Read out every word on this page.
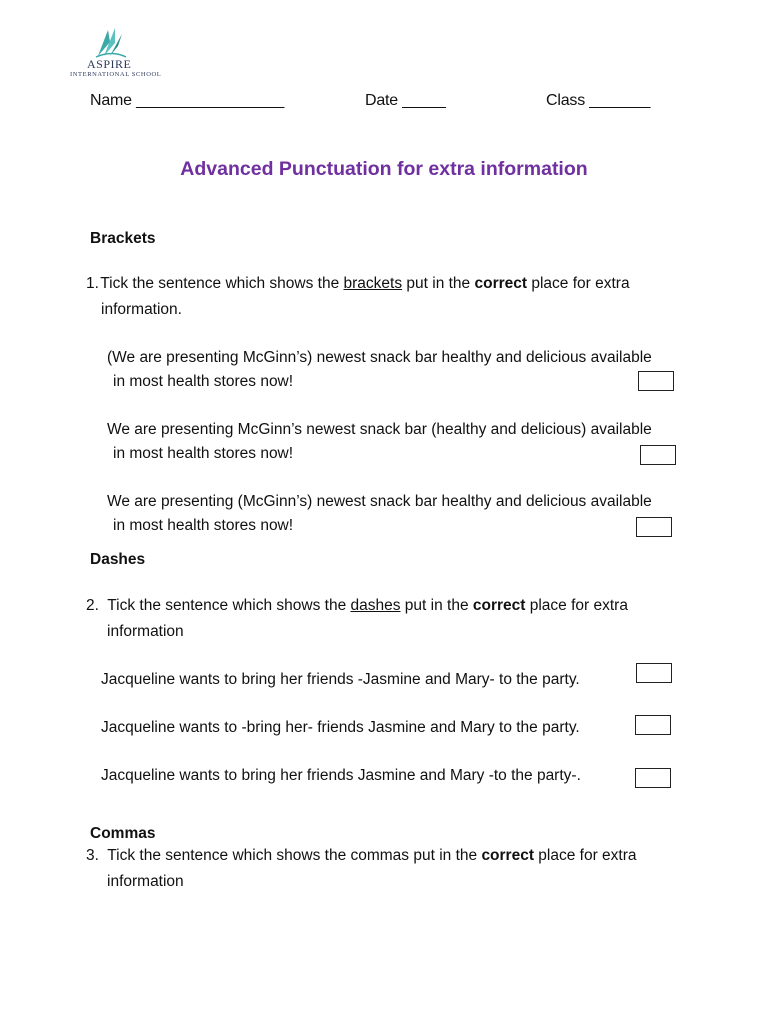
ASPIRE
INTERNATIONAL SCHOOL
Name _________________	Date _____	Class _______
Advanced Punctuation for extra information
Brackets
1. Tick the sentence which shows the brackets put in the correct place for extra
information.
(We are presenting McGinn’s) newest snack bar healthy and delicious available
in most health stores now!
We are presenting McGinn’s newest snack bar (healthy and delicious) available
in most health stores now!
We are presenting (McGinn’s) newest snack bar healthy and delicious available
in most health stores now!
Dashes
2. Tick the sentence which shows the dashes put in the correct place for extra
information
Jacqueline wants to bring her friends -Jasmine and Mary- to the party.
Jacqueline wants to -bring her- friends Jasmine and Mary to the party.
Jacqueline wants to bring her friends Jasmine and Mary -to the party-.
Commas
3. Tick the sentence which shows the commas put in the correct place for extra
information
